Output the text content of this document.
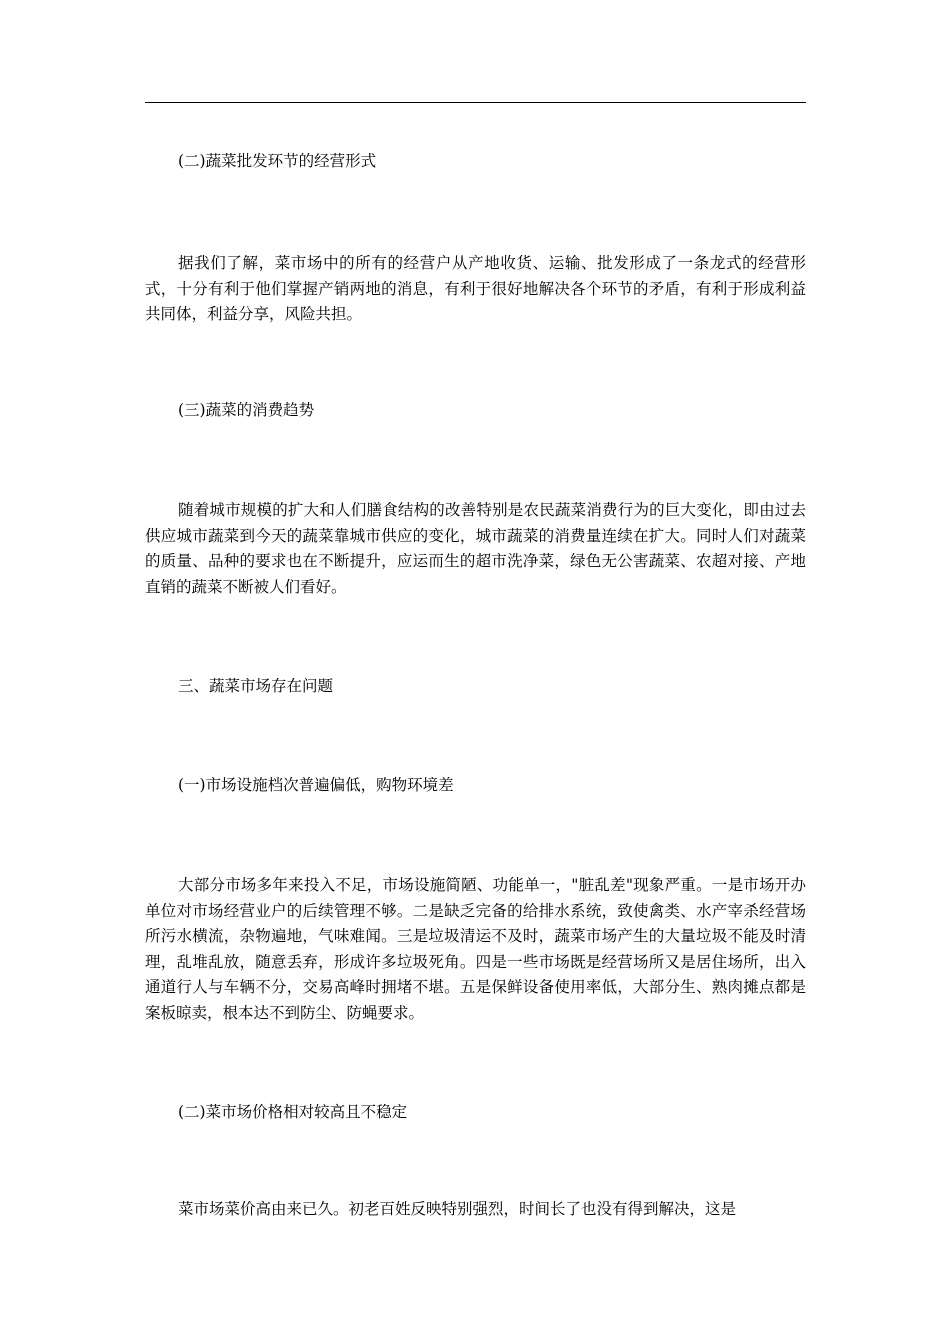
(二)蔬菜批发环节的经营形式

据我们了解，菜市场中的所有的经营户从产地收货、运输、批发形成了一条龙式的经营形式，十分有利于他们掌握产销两地的消息，有利于很好地解决各个环节的矛盾，有利于形成利益共同体，利益分享，风险共担。

(三)蔬菜的消费趋势

随着城市规模的扩大和人们膳食结构的改善特别是农民蔬菜消费行为的巨大变化，即由过去供应城市蔬菜到今天的蔬菜靠城市供应的变化，城市蔬菜的消费量连续在扩大。同时人们对蔬菜的质量、品种的要求也在不断提升，应运而生的超市洗净菜，绿色无公害蔬菜、农超对接、产地直销的蔬菜不断被人们看好。

三、蔬菜市场存在问题

(一)市场设施档次普遍偏低，购物环境差

大部分市场多年来投入不足，市场设施简陋、功能单一，"脏乱差"现象严重。一是市场开办单位对市场经营业户的后续管理不够。二是缺乏完备的给排水系统，致使禽类、水产宰杀经营场所污水横流，杂物遍地，气味难闻。三是垃圾清运不及时，蔬菜市场产生的大量垃圾不能及时清理，乱堆乱放，随意丢弃，形成许多垃圾死角。四是一些市场既是经营场所又是居住场所，出入通道行人与车辆不分，交易高峰时拥堵不堪。五是保鲜设备使用率低，大部分生、熟肉摊点都是案板晾卖，根本达不到防尘、防蝇要求。

(二)菜市场价格相对较高且不稳定

菜市场菜价高由来已久。初老百姓反映特别强烈，时间长了也没有得到解决，这是
